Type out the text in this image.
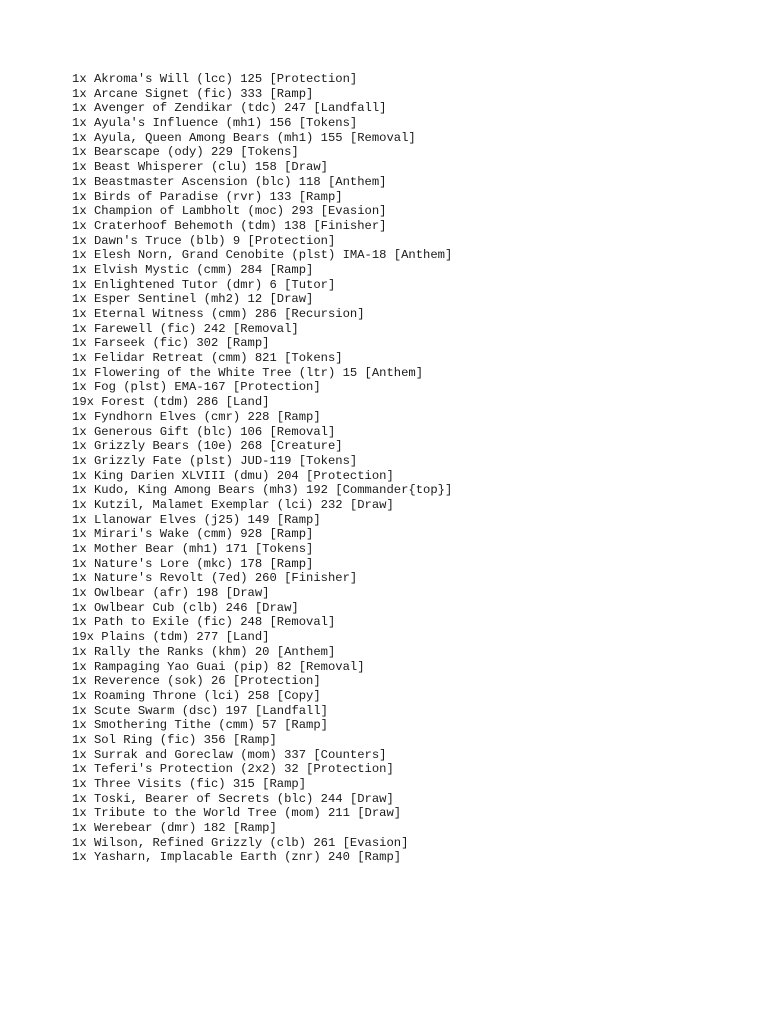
1x Akroma's Will (lcc) 125 [Protection]
1x Arcane Signet (fic) 333 [Ramp]
1x Avenger of Zendikar (tdc) 247 [Landfall]
1x Ayula's Influence (mh1) 156 [Tokens]
1x Ayula, Queen Among Bears (mh1) 155 [Removal]
1x Bearscape (ody) 229 [Tokens]
1x Beast Whisperer (clu) 158 [Draw]
1x Beastmaster Ascension (blc) 118 [Anthem]
1x Birds of Paradise (rvr) 133 [Ramp]
1x Champion of Lambholt (moc) 293 [Evasion]
1x Craterhoof Behemoth (tdm) 138 [Finisher]
1x Dawn's Truce (blb) 9 [Protection]
1x Elesh Norn, Grand Cenobite (plst) IMA-18 [Anthem]
1x Elvish Mystic (cmm) 284 [Ramp]
1x Enlightened Tutor (dmr) 6 [Tutor]
1x Esper Sentinel (mh2) 12 [Draw]
1x Eternal Witness (cmm) 286 [Recursion]
1x Farewell (fic) 242 [Removal]
1x Farseek (fic) 302 [Ramp]
1x Felidar Retreat (cmm) 821 [Tokens]
1x Flowering of the White Tree (ltr) 15 [Anthem]
1x Fog (plst) EMA-167 [Protection]
19x Forest (tdm) 286 [Land]
1x Fyndhorn Elves (cmr) 228 [Ramp]
1x Generous Gift (blc) 106 [Removal]
1x Grizzly Bears (10e) 268 [Creature]
1x Grizzly Fate (plst) JUD-119 [Tokens]
1x King Darien XLVIII (dmu) 204 [Protection]
1x Kudo, King Among Bears (mh3) 192 [Commander{top}]
1x Kutzil, Malamet Exemplar (lci) 232 [Draw]
1x Llanowar Elves (j25) 149 [Ramp]
1x Mirari's Wake (cmm) 928 [Ramp]
1x Mother Bear (mh1) 171 [Tokens]
1x Nature's Lore (mkc) 178 [Ramp]
1x Nature's Revolt (7ed) 260 [Finisher]
1x Owlbear (afr) 198 [Draw]
1x Owlbear Cub (clb) 246 [Draw]
1x Path to Exile (fic) 248 [Removal]
19x Plains (tdm) 277 [Land]
1x Rally the Ranks (khm) 20 [Anthem]
1x Rampaging Yao Guai (pip) 82 [Removal]
1x Reverence (sok) 26 [Protection]
1x Roaming Throne (lci) 258 [Copy]
1x Scute Swarm (dsc) 197 [Landfall]
1x Smothering Tithe (cmm) 57 [Ramp]
1x Sol Ring (fic) 356 [Ramp]
1x Surrak and Goreclaw (mom) 337 [Counters]
1x Teferi's Protection (2x2) 32 [Protection]
1x Three Visits (fic) 315 [Ramp]
1x Toski, Bearer of Secrets (blc) 244 [Draw]
1x Tribute to the World Tree (mom) 211 [Draw]
1x Werebear (dmr) 182 [Ramp]
1x Wilson, Refined Grizzly (clb) 261 [Evasion]
1x Yasharn, Implacable Earth (znr) 240 [Ramp]
